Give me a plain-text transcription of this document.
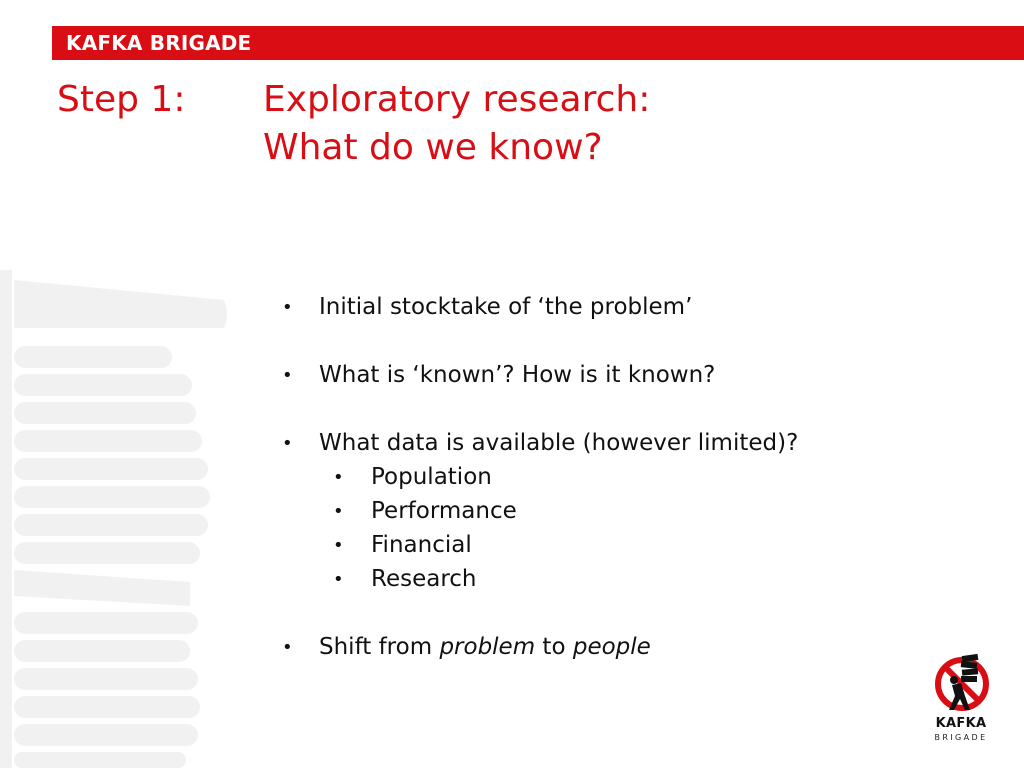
KAFKA BRIGADE
Step 1: Exploratory research:
What do we know?
• Initial stocktake of ‘the problem’
• What is ‘known’? How is it known?
• What data is available (however limited)?
• Population
• Performance
• Financial
• Research
• Shift from problem to people
KAFKA
BRIGADE
